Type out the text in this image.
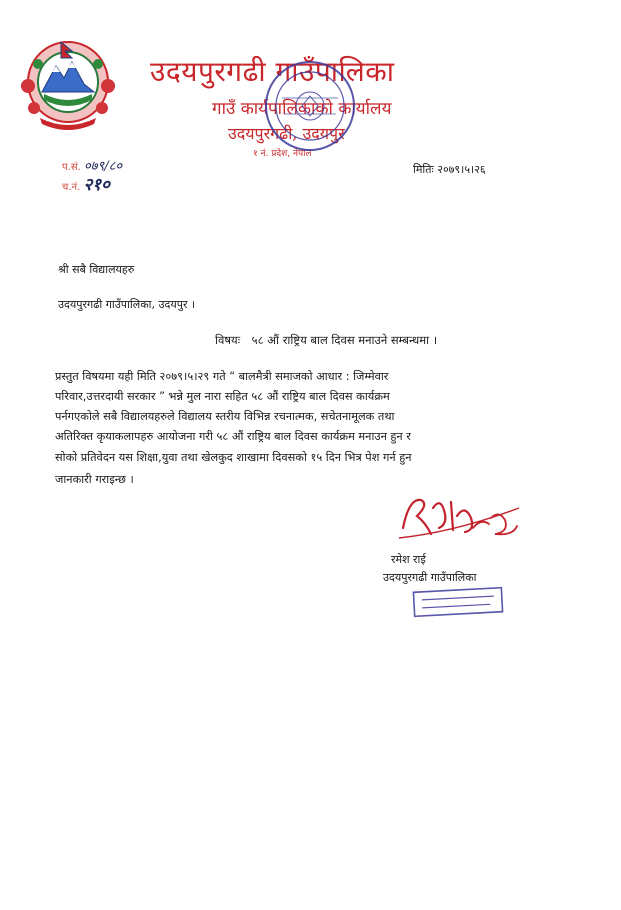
उदयपुरगढी गाउँपालिका
गाउँ कार्यपालिकाको कार्यालय
उदयपुरगढी, उदयपुर
१ नं. प्रदेश, नेपाल
प.सं. ०७९/८०
च.नं. २१०
मितिः २०७९।५।२६
श्री सबै विद्यालयहरु
उदयपुरगढी गाउँपालिका, उदयपुर ।
विषयः ५८ औं राष्ट्रिय बाल दिवस मनाउने सम्बन्धमा ।
प्रस्तुत विषयमा यही मिति २०७९।५।२९ गते “ बालमैत्री समाजको आधार : जिम्मेवार
परिवार,उत्तरदायी सरकार ” भन्ने मुल नारा सहित ५८ औं राष्ट्रिय बाल दिवस कार्यक्रम
पर्नगएकोले सबै विद्यालयहरुले विद्यालय स्तरीय विभिन्न रचनात्मक, सचेतनामूलक तथा
अतिरिक्त कृयाकलापहरु आयोजना गरी ५८ औं राष्ट्रिय बाल दिवस कार्यक्रम मनाउन हुन र
सोको प्रतिवेदन यस शिक्षा,युवा तथा खेलकुद शाखामा दिवसको १५ दिन भित्र पेश गर्न हुन
जानकारी गराइन्छ ।
रमेश राई
उदयपुरगढी गाउँपालिका
